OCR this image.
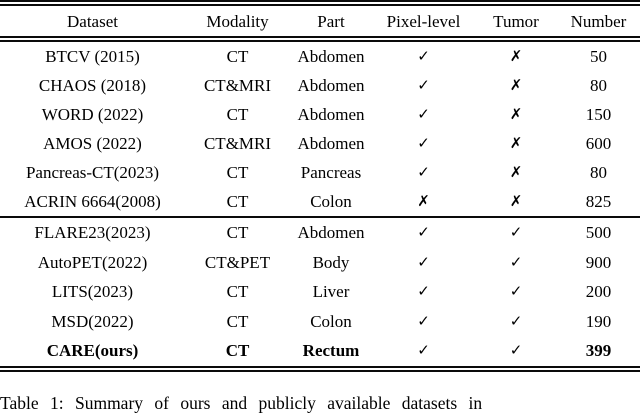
Dataset	Modality	Part	Pixel-level	Tumor	Number
BTCV (2015)	CT	Abdomen	✓	✗	50
CHAOS (2018)	CT&MRI	Abdomen	✓	✗	80
WORD (2022)	CT	Abdomen	✓	✗	150
AMOS (2022)	CT&MRI	Abdomen	✓	✗	600
Pancreas-CT(2023)	CT	Pancreas	✓	✗	80
ACRIN 6664(2008)	CT	Colon	✗	✗	825
FLARE23(2023)	CT	Abdomen	✓	✓	500
AutoPET(2022)	CT&PET	Body	✓	✓	900
LITS(2023)	CT	Liver	✓	✓	200
MSD(2022)	CT	Colon	✓	✓	190
CARE(ours)	CT	Rectum	✓	✓	399
Table 1: Summary of ours and publicly available datasets in
